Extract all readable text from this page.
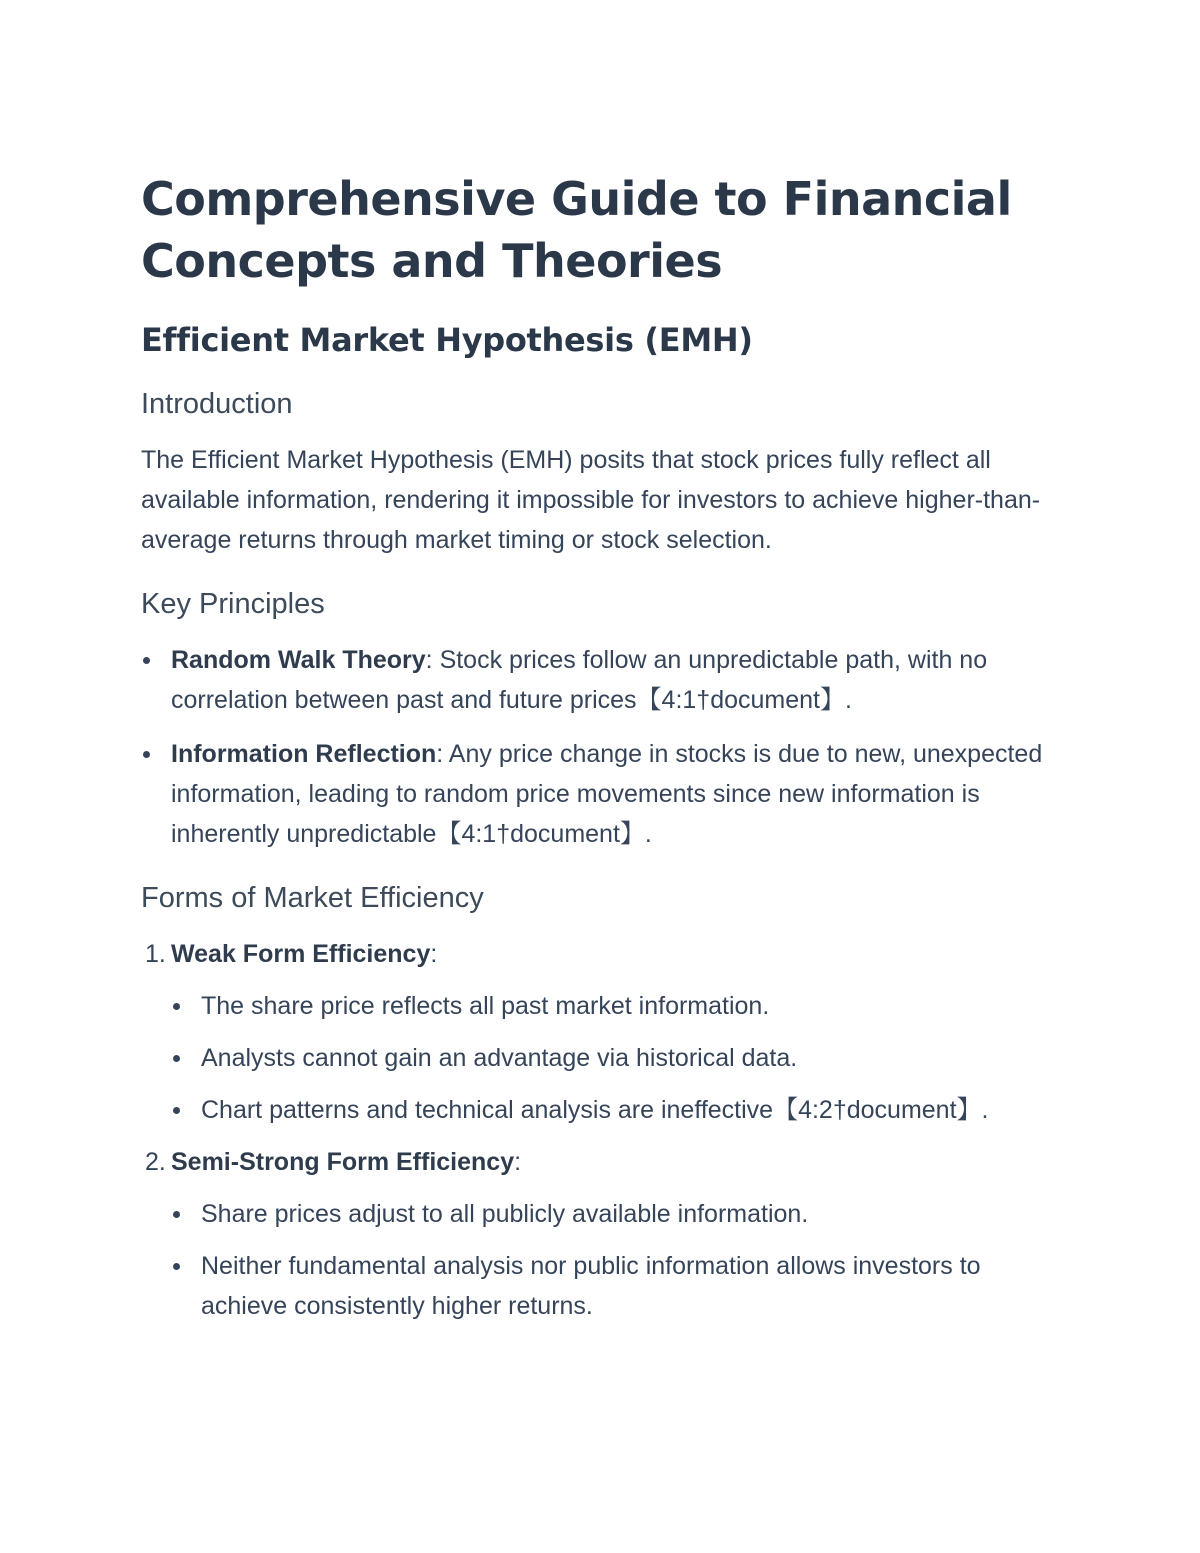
Comprehensive Guide to Financial Concepts and Theories
Efficient Market Hypothesis (EMH)
Introduction

The Efficient Market Hypothesis (EMH) posits that stock prices fully reflect all available information, rendering it impossible for investors to achieve higher-than-average returns through market timing or stock selection.

Key Principles
Random Walk Theory: Stock prices follow an unpredictable path, with no correlation between past and future prices【4:1†document】.
Information Reflection: Any price change in stocks is due to new, unexpected information, leading to random price movements since new information is inherently unpredictable【4:1†document】.
Forms of Market Efficiency
1. Weak Form Efficiency:
The share price reflects all past market information.
Analysts cannot gain an advantage via historical data.
Chart patterns and technical analysis are ineffective【4:2†document】.
2. Semi-Strong Form Efficiency:
Share prices adjust to all publicly available information.
Neither fundamental analysis nor public information allows investors to achieve consistently higher returns.
